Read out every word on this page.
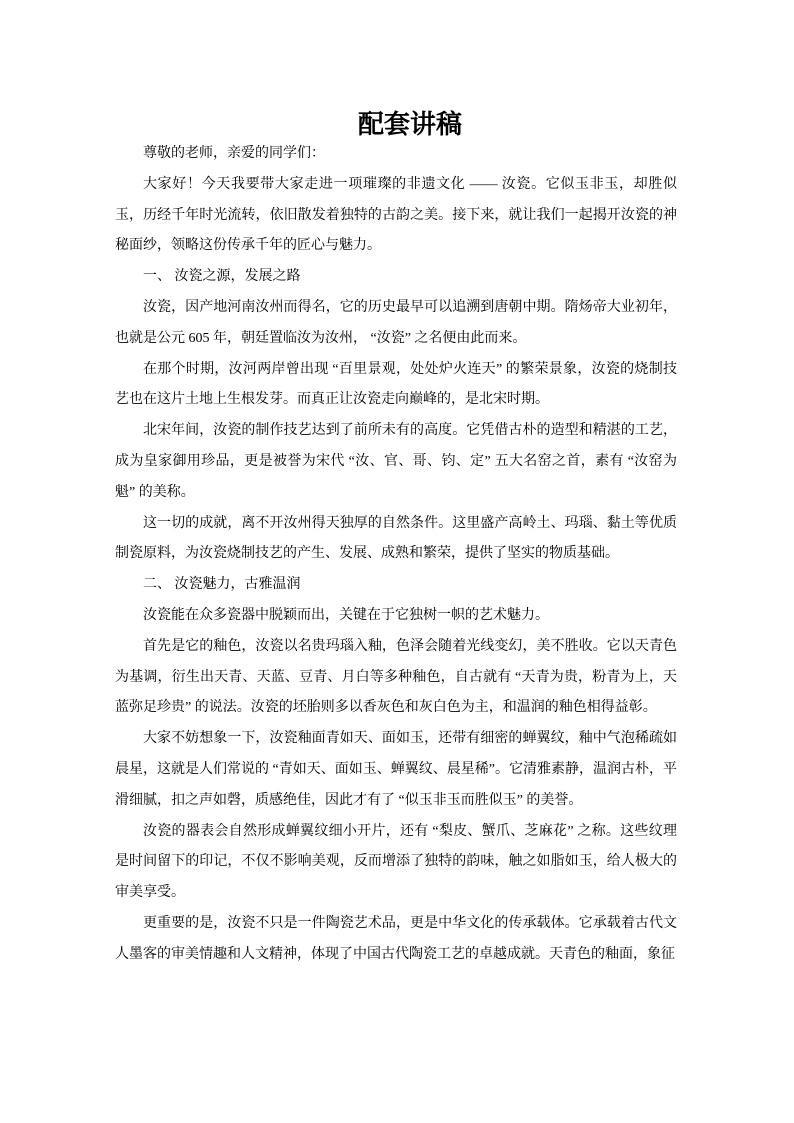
配套讲稿

尊敬的老师，亲爱的同学们：

大家好！今天我要带大家走进一项璀璨的非遗文化 —— 汝瓷。它似玉非玉，却胜似玉，历经千年时光流转，依旧散发着独特的古韵之美。接下来，就让我们一起揭开汝瓷的神秘面纱，领略这份传承千年的匠心与魅力。

一、 汝瓷之源，发展之路

汝瓷，因产地河南汝州而得名，它的历史最早可以追溯到唐朝中期。隋炀帝大业初年，也就是公元 605 年，朝廷置临汝为汝州， “汝瓷” 之名便由此而来。

在那个时期，汝河两岸曾出现 “百里景观，处处炉火连天” 的繁荣景象，汝瓷的烧制技艺也在这片土地上生根发芽。而真正让汝瓷走向巅峰的，是北宋时期。

北宋年间，汝瓷的制作技艺达到了前所未有的高度。它凭借古朴的造型和精湛的工艺，成为皇家御用珍品，更是被誉为宋代 “汝、官、哥、钧、定” 五大名窑之首，素有 “汝窑为魁” 的美称。

这一切的成就，离不开汝州得天独厚的自然条件。这里盛产高岭土、玛瑙、黏土等优质制瓷原料，为汝瓷烧制技艺的产生、发展、成熟和繁荣，提供了坚实的物质基础。

二、 汝瓷魅力，古雅温润

汝瓷能在众多瓷器中脱颖而出，关键在于它独树一帜的艺术魅力。

首先是它的釉色，汝瓷以名贵玛瑙入釉，色泽会随着光线变幻，美不胜收。它以天青色为基调，衍生出天青、天蓝、豆青、月白等多种釉色，自古就有 “天青为贵，粉青为上，天蓝弥足珍贵” 的说法。汝瓷的坯胎则多以香灰色和灰白色为主，和温润的釉色相得益彰。

大家不妨想象一下，汝瓷釉面青如天、面如玉，还带有细密的蝉翼纹，釉中气泡稀疏如晨星，这就是人们常说的 “青如天、面如玉、蝉翼纹、晨星稀”。它清雅素静，温润古朴，平滑细腻，扣之声如磬，质感绝佳，因此才有了 “似玉非玉而胜似玉” 的美誉。

汝瓷的器表会自然形成蝉翼纹细小开片，还有 “梨皮、蟹爪、芝麻花” 之称。这些纹理是时间留下的印记，不仅不影响美观，反而增添了独特的韵味，触之如脂如玉，给人极大的审美享受。

更重要的是，汝瓷不只是一件陶瓷艺术品，更是中华文化的传承载体。它承载着古代文人墨客的审美情趣和人文精神，体现了中国古代陶瓷工艺的卓越成就。天青色的釉面，象征
